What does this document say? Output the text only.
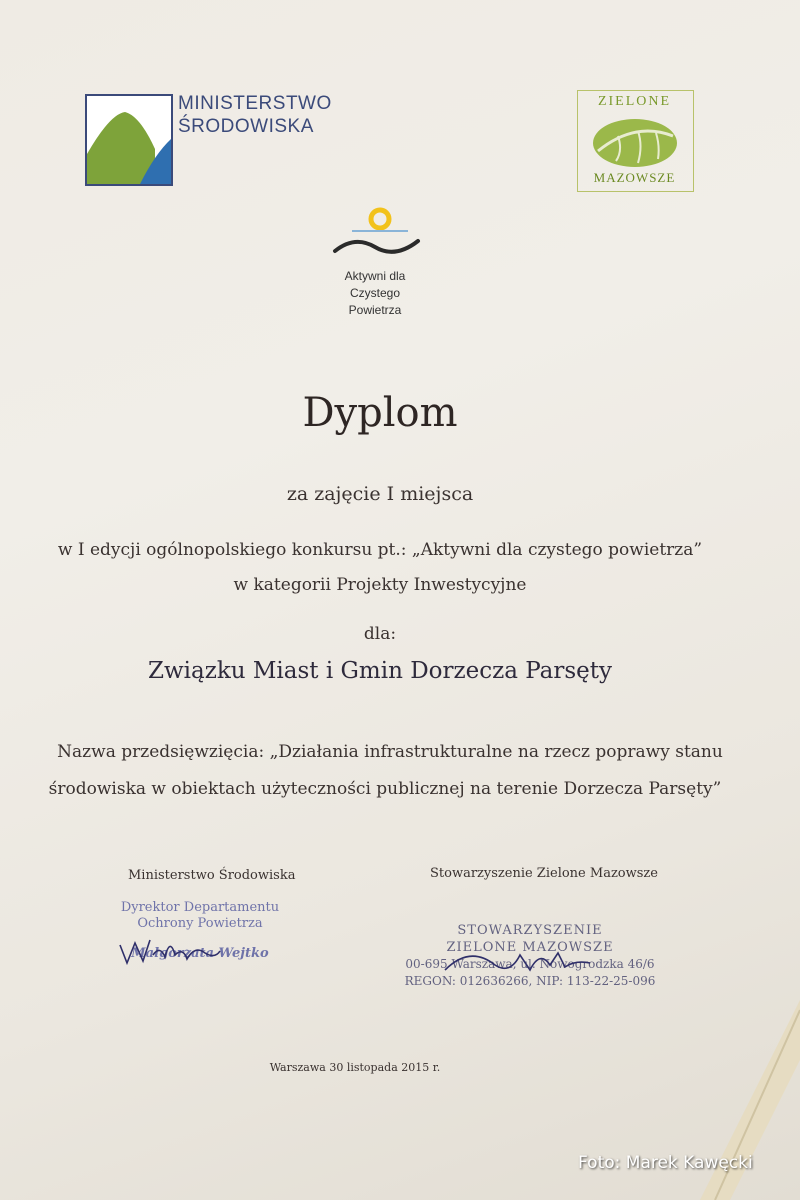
MINISTERSTWO
ŚRODOWISKA
ZIELONE
MAZOWSZE
Aktywni dla
Czystego
Powietrza
Dyplom
za zajęcie I miejsca
w I edycji ogólnopolskiego konkursu pt.: „Aktywni dla czystego powietrza”
w kategorii Projekty Inwestycyjne
dla:
Związku Miast i Gmin Dorzecza Parsęty
Nazwa przedsięwzięcia: „Działania infrastrukturalne na rzecz poprawy stanu
środowiska w obiektach użyteczności publicznej na terenie Dorzecza Parsęty”
Ministerstwo Środowiska	Stowarzyszenie Zielone Mazowsze
Dyrektor Departamentu
Ochrony Powietrza
Małgorzata Wejtko
STOWARZYSZENIE
ZIELONE MAZOWSZE
00-695 Warszawa, ul. Nowogrodzka 46/6
REGON: 012636266, NIP: 113-22-25-096
Warszawa 30 listopada 2015 r.
Foto: Marek Kawęcki
